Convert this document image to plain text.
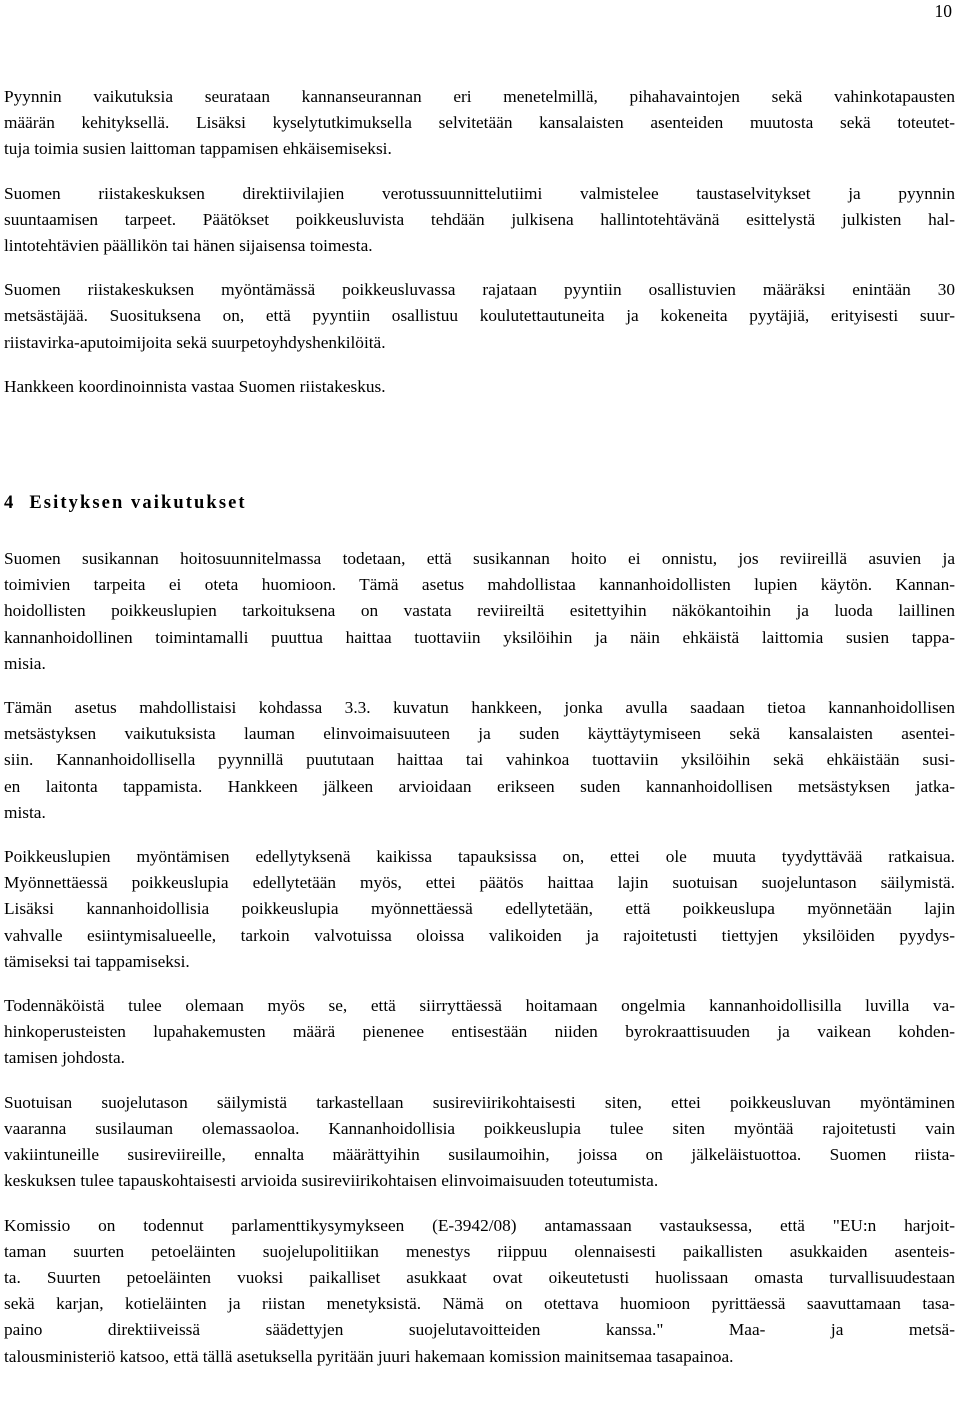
10

Pyynnin vaikutuksia seurataan kannanseurannan eri menetelmillä, pihahavaintojen sekä vahinkotapausten
määrän kehityksellä. Lisäksi kyselytutkimuksella selvitetään kansalaisten asenteiden muutosta sekä toteutet-
tuja toimia susien laittoman tappamisen ehkäisemiseksi.

Suomen riistakeskuksen direktiivilajien verotussuunnittelutiimi valmistelee taustaselvitykset ja pyynnin
suuntaamisen tarpeet. Päätökset poikkeusluvista tehdään julkisena hallintotehtävänä esittelystä julkisten hal-
lintotehtävien päällikön tai hänen sijaisensa toimesta.

Suomen riistakeskuksen myöntämässä poikkeusluvassa rajataan pyyntiin osallistuvien määräksi enintään 30
metsästäjää. Suosituksena on, että pyyntiin osallistuu koulutettautuneita ja kokeneita pyytäjiä, erityisesti suur-
riistavirka-aputoimijoita sekä suurpetoyhdyshenkilöitä.

Hankkeen koordinoinnista vastaa Suomen riistakeskus.

4 Esityksen vaikutukset

Suomen susikannan hoitosuunnitelmassa todetaan, että susikannan hoito ei onnistu, jos reviireillä asuvien ja
toimivien tarpeita ei oteta huomioon. Tämä asetus mahdollistaa kannanhoidollisten lupien käytön. Kannan-
hoidollisten poikkeuslupien tarkoituksena on vastata reviireiltä esitettyihin näkökantoihin ja luoda laillinen
kannanhoidollinen toimintamalli puuttua haittaa tuottaviin yksilöihin ja näin ehkäistä laittomia susien tappa-
misia.

Tämän asetus mahdollistaisi kohdassa 3.3. kuvatun hankkeen, jonka avulla saadaan tietoa kannanhoidollisen
metsästyksen vaikutuksista lauman elinvoimaisuuteen ja suden käyttäytymiseen sekä kansalaisten asentei-
siin. Kannanhoidollisella pyynnillä puututaan haittaa tai vahinkoa tuottaviin yksilöihin sekä ehkäistään susi-
en laitonta tappamista. Hankkeen jälkeen arvioidaan erikseen suden kannanhoidollisen metsästyksen jatka-
mista.

Poikkeuslupien myöntämisen edellytyksenä kaikissa tapauksissa on, ettei ole muuta tyydyttävää ratkaisua.
Myönnettäessä poikkeuslupia edellytetään myös, ettei päätös haittaa lajin suotuisan suojeluntason säilymistä.
Lisäksi kannanhoidollisia poikkeuslupia myönnettäessä edellytetään, että poikkeuslupa myönnetään lajin
vahvalle esiintymisalueelle, tarkoin valvotuissa oloissa valikoiden ja rajoitetusti tiettyjen yksilöiden pyydys-
tämiseksi tai tappamiseksi.

Todennäköistä tulee olemaan myös se, että siirryttäessä hoitamaan ongelmia kannanhoidollisilla luvilla va-
hinkoperusteisten lupahakemusten määrä pienenee entisestään niiden byrokraattisuuden ja vaikean kohden-
tamisen johdosta.

Suotuisan suojelutason säilymistä tarkastellaan susireviirikohtaisesti siten, ettei poikkeusluvan myöntäminen
vaaranna susilauman olemassaoloa. Kannanhoidollisia poikkeuslupia tulee siten myöntää rajoitetusti vain
vakiintuneille susireviireille, ennalta määrättyihin susilaumoihin, joissa on jälkeläistuottoa. Suomen riista-
keskuksen tulee tapauskohtaisesti arvioida susireviirikohtaisen elinvoimaisuuden toteutumista.

Komissio on todennut parlamenttikysymykseen (E-3942/08) antamassaan vastauksessa, että "EU:n harjoit-
taman suurten petoeläinten suojelupolitiikan menestys riippuu olennaisesti paikallisten asukkaiden asenteis-
ta. Suurten petoeläinten vuoksi paikalliset asukkaat ovat oikeutetusti huolissaan omasta turvallisuudestaan
sekä karjan, kotieläinten ja riistan menetyksistä. Nämä on otettava huomioon pyrittäessä saavuttamaan tasa-
paino direktiiveissä säädettyjen suojelutavoitteiden kanssa." Maa- ja metsä-
talousministeriö katsoo, että tällä asetuksella pyritään juuri hakemaan komission mainitsemaa tasapainoa.
